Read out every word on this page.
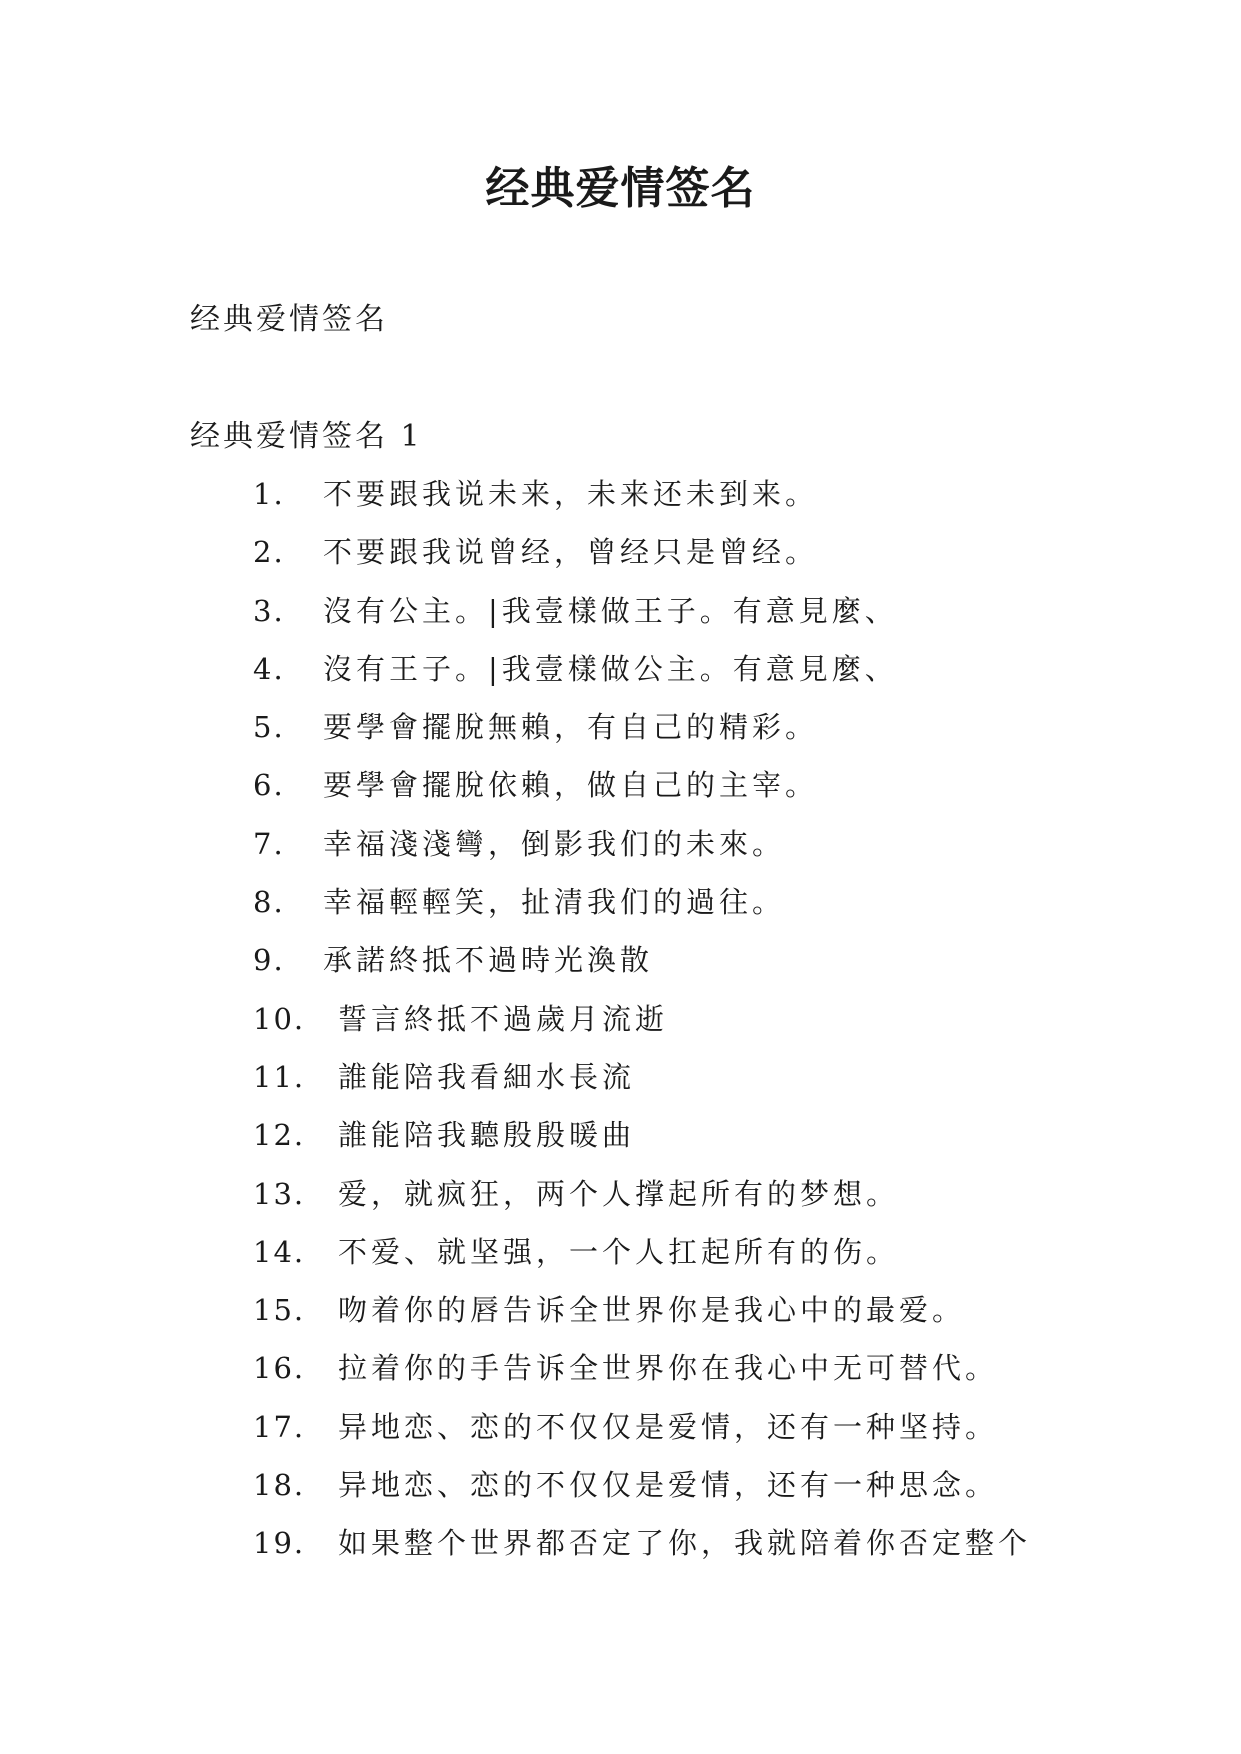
经典爱情签名

经典爱情签名

经典爱情签名 1

1.	不要跟我说未来，未来还未到来。
2.	不要跟我说曾经，曾经只是曾经。
3.	沒有公主。|我壹樣做王子。有意見麼、
4.	沒有王子。|我壹樣做公主。有意見麼、
5.	要學會擺脫無賴，有自己的精彩。
6.	要學會擺脫依賴，做自己的主宰。
7.	幸福淺淺彎，倒影我们的未來。
8.	幸福輕輕笑，扯清我们的過往。
9.	承諾終抵不過時光渙散
10.	誓言終抵不過歲月流逝
11.	誰能陪我看細水長流
12.	誰能陪我聽殷殷暖曲
13.	爱，就疯狂，两个人撑起所有的梦想。
14.	不爱、就坚强，一个人扛起所有的伤。
15.	吻着你的唇告诉全世界你是我心中的最爱。
16.	拉着你的手告诉全世界你在我心中无可替代。
17.	异地恋、恋的不仅仅是爱情，还有一种坚持。
18.	异地恋、恋的不仅仅是爱情，还有一种思念。
19.	如果整个世界都否定了你，我就陪着你否定整个
